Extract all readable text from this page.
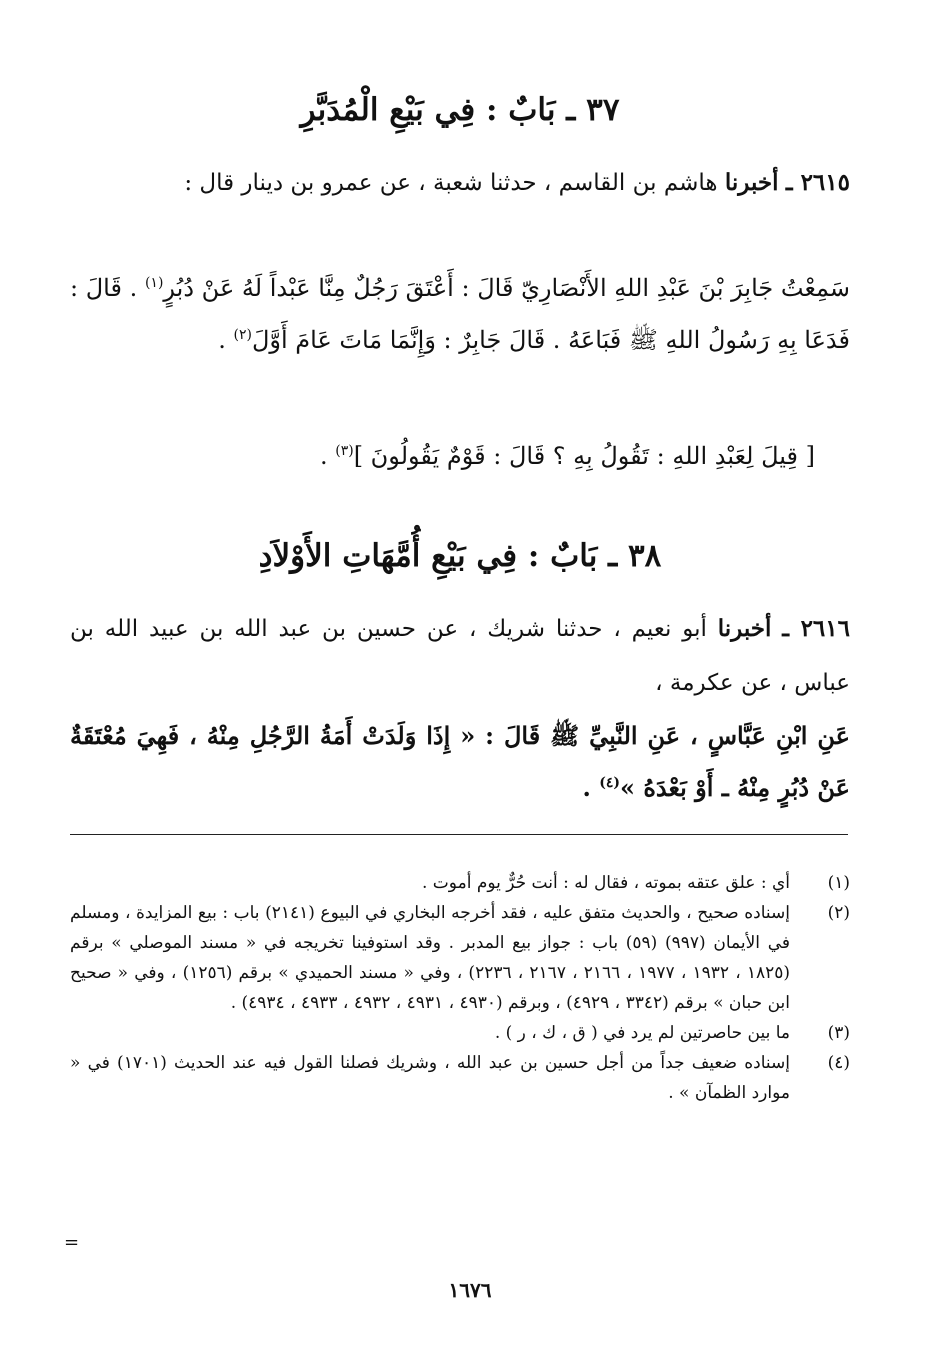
٣٧ ـ بَابٌ : فِي بَيْعِ الْمُدَبَّرِ
٢٦١٥ ـ أخبرنا هاشم بن القاسم ، حدثنا شعبة ، عن عمرو بن دينار قال :
سَمِعْتُ جَابِرَ بْنَ عَبْدِ اللهِ الأَنْصَارِيّ قَالَ : أَعْتَقَ رَجُلٌ مِنَّا عَبْداً لَهُ عَنْ دُبُرٍ$^{(١)}$ . قَالَ : فَدَعَا بِهِ رَسُولُ اللهِ ﷺ فَبَاعَهُ . قَالَ جَابِرٌ : وَإِنَّمَا مَاتَ عَامَ أَوَّلَ$^{(٢)}$ .
[ قِيلَ لِعَبْدِ اللهِ : تَقُولُ بِهِ ؟ قَالَ : قَوْمٌ يَقُولُونَ ]$^{(٣)}$ .
٣٨ ـ بَابٌ : فِي بَيْعِ أُمَّهَاتِ الأَوْلاَدِ
٢٦١٦ ـ أخبرنا أبو نعيم ، حدثنا شريك ، عن حسين بن عبد الله بن عبيد الله بن عباس ، عن عكرمة ،
عَنِ ابْنِ عَبَّاسٍ ، عَنِ النَّبِيِّ ﷺ قَالَ : « إِذَا وَلَدَتْ أَمَةُ الرَّجُلِ مِنْهُ ، فَهِيَ مُعْتَقَةٌ عَنْ دُبُرٍ مِنْهُ ـ أَوْ بَعْدَهُ »$^{(٤)}$ .

(١)
أي : علق عتقه بموته ، فقال له : أنت حُرٌّ يوم أموت .

(٢)
إسناده صحيح ، والحديث متفق عليه ، فقد أخرجه البخاري في البيوع (٢١٤١) باب : بيع المزايدة ، ومسلم في الأيمان (٩٩٧) (٥٩) باب : جواز بيع المدبر . وقد استوفينا تخريجه في « مسند الموصلي » برقم (١٨٢٥ ، ١٩٣٢ ، ١٩٧٧ ، ٢١٦٦ ، ٢١٦٧ ، ٢٢٣٦) ، وفي « مسند الحميدي » برقم (١٢٥٦) ، وفي « صحيح ابن حبان » برقم (٣٣٤٢ ، ٤٩٢٩) ، وبرقم (٤٩٣٠ ، ٤٩٣١ ، ٤٩٣٢ ، ٤٩٣٣ ، ٤٩٣٤) .

(٣)
ما بين حاصرتين لم يرد في ( ق ، ك ، ر ) .

(٤)
إسناده ضعيف جداً من أجل حسين بن عبد الله ، وشريك فصلنا القول فيه عند الحديث (١٧٠١) في « موارد الظمآن » .

=
١٦٧٦
